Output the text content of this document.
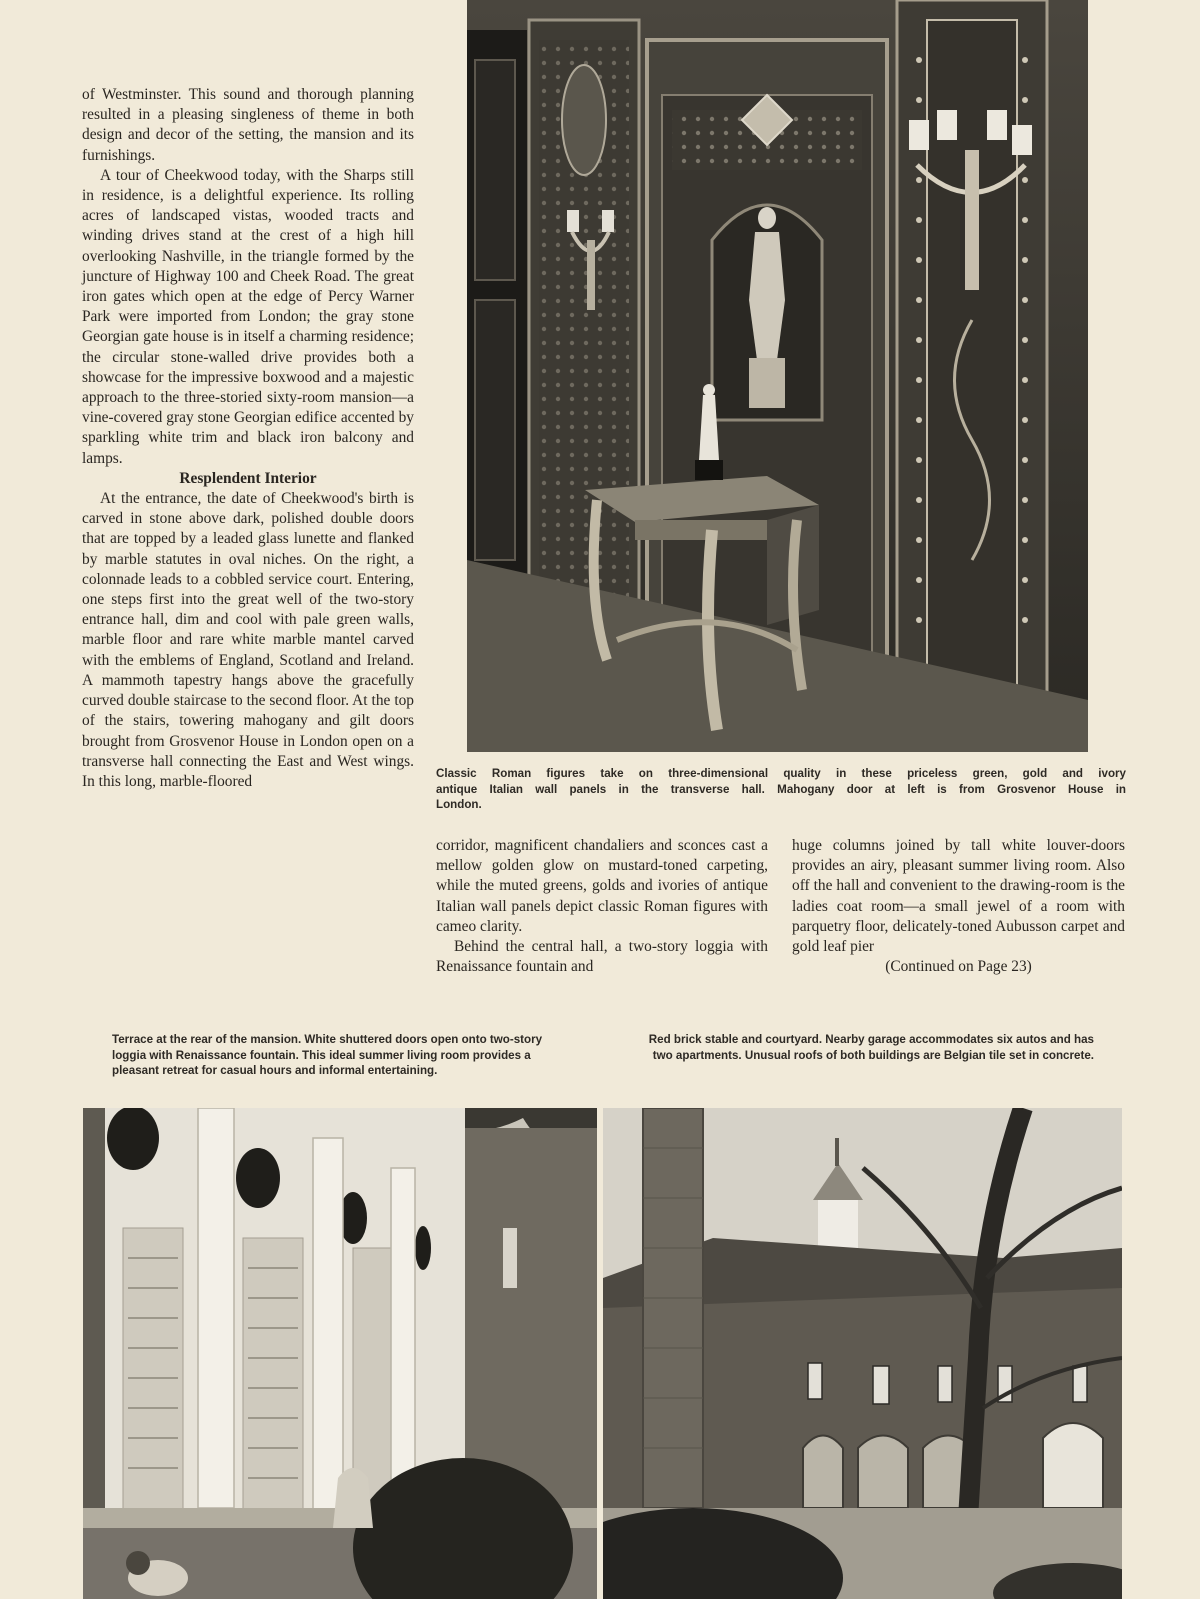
of Westminster. This sound and thorough planning resulted in a pleasing singleness of theme in both design and decor of the setting, the mansion and its furnishings.

A tour of Cheekwood today, with the Sharps still in residence, is a delightful experience. Its rolling acres of landscaped vistas, wooded tracts and winding drives stand at the crest of a high hill overlooking Nashville, in the triangle formed by the juncture of Highway 100 and Cheek Road. The great iron gates which open at the edge of Percy Warner Park were imported from London; the gray stone Georgian gate house is in itself a charming residence; the circular stone-walled drive provides both a showcase for the impressive boxwood and a majestic approach to the three-storied sixty-room mansion—a vine-covered gray stone Georgian edifice accented by sparkling white trim and black iron balcony and lamps.

Resplendent Interior

At the entrance, the date of Cheekwood's birth is carved in stone above dark, polished double doors that are topped by a leaded glass lunette and flanked by marble statutes in oval niches. On the right, a colonnade leads to a cobbled service court. Entering, one steps first into the great well of the two-story entrance hall, dim and cool with pale green walls, marble floor and rare white marble mantel carved with the emblems of England, Scotland and Ireland. A mammoth tapestry hangs above the gracefully curved double staircase to the second floor. At the top of the stairs, towering mahogany and gilt doors brought from Grosvenor House in London open on a transverse hall connecting the East and West wings. In this long, marble-floored	Classic Roman figures take on three-dimensional quality in these priceless green, gold and ivory
antique Italian wall panels in the transverse hall. Mahogany door at left is from Grosvenor House in
London.

corridor, magnificent chandaliers and sconces cast a mellow golden glow on mustard-toned carpeting, while the muted greens, golds and ivories of antique Italian wall panels depict classic Roman figures with cameo clarity.

Behind the central hall, a two-story loggia with Renaissance fountain and

huge columns joined by tall white louver-doors provides an airy, pleasant summer living room. Also off the hall and convenient to the drawing-room is the ladies coat room—a small jewel of a room with parquetry floor, delicately-toned Aubusson carpet and gold leaf pier

(Continued on Page 23)

Terrace at the rear of the mansion. White shuttered doors open onto two-story loggia with Renaissance fountain. This ideal summer living room provides a pleasant retreat for casual hours and informal entertaining.
Red brick stable and courtyard. Nearby garage accommodates six autos and has two apartments. Unusual roofs of both buildings are Belgian tile set in concrete.
